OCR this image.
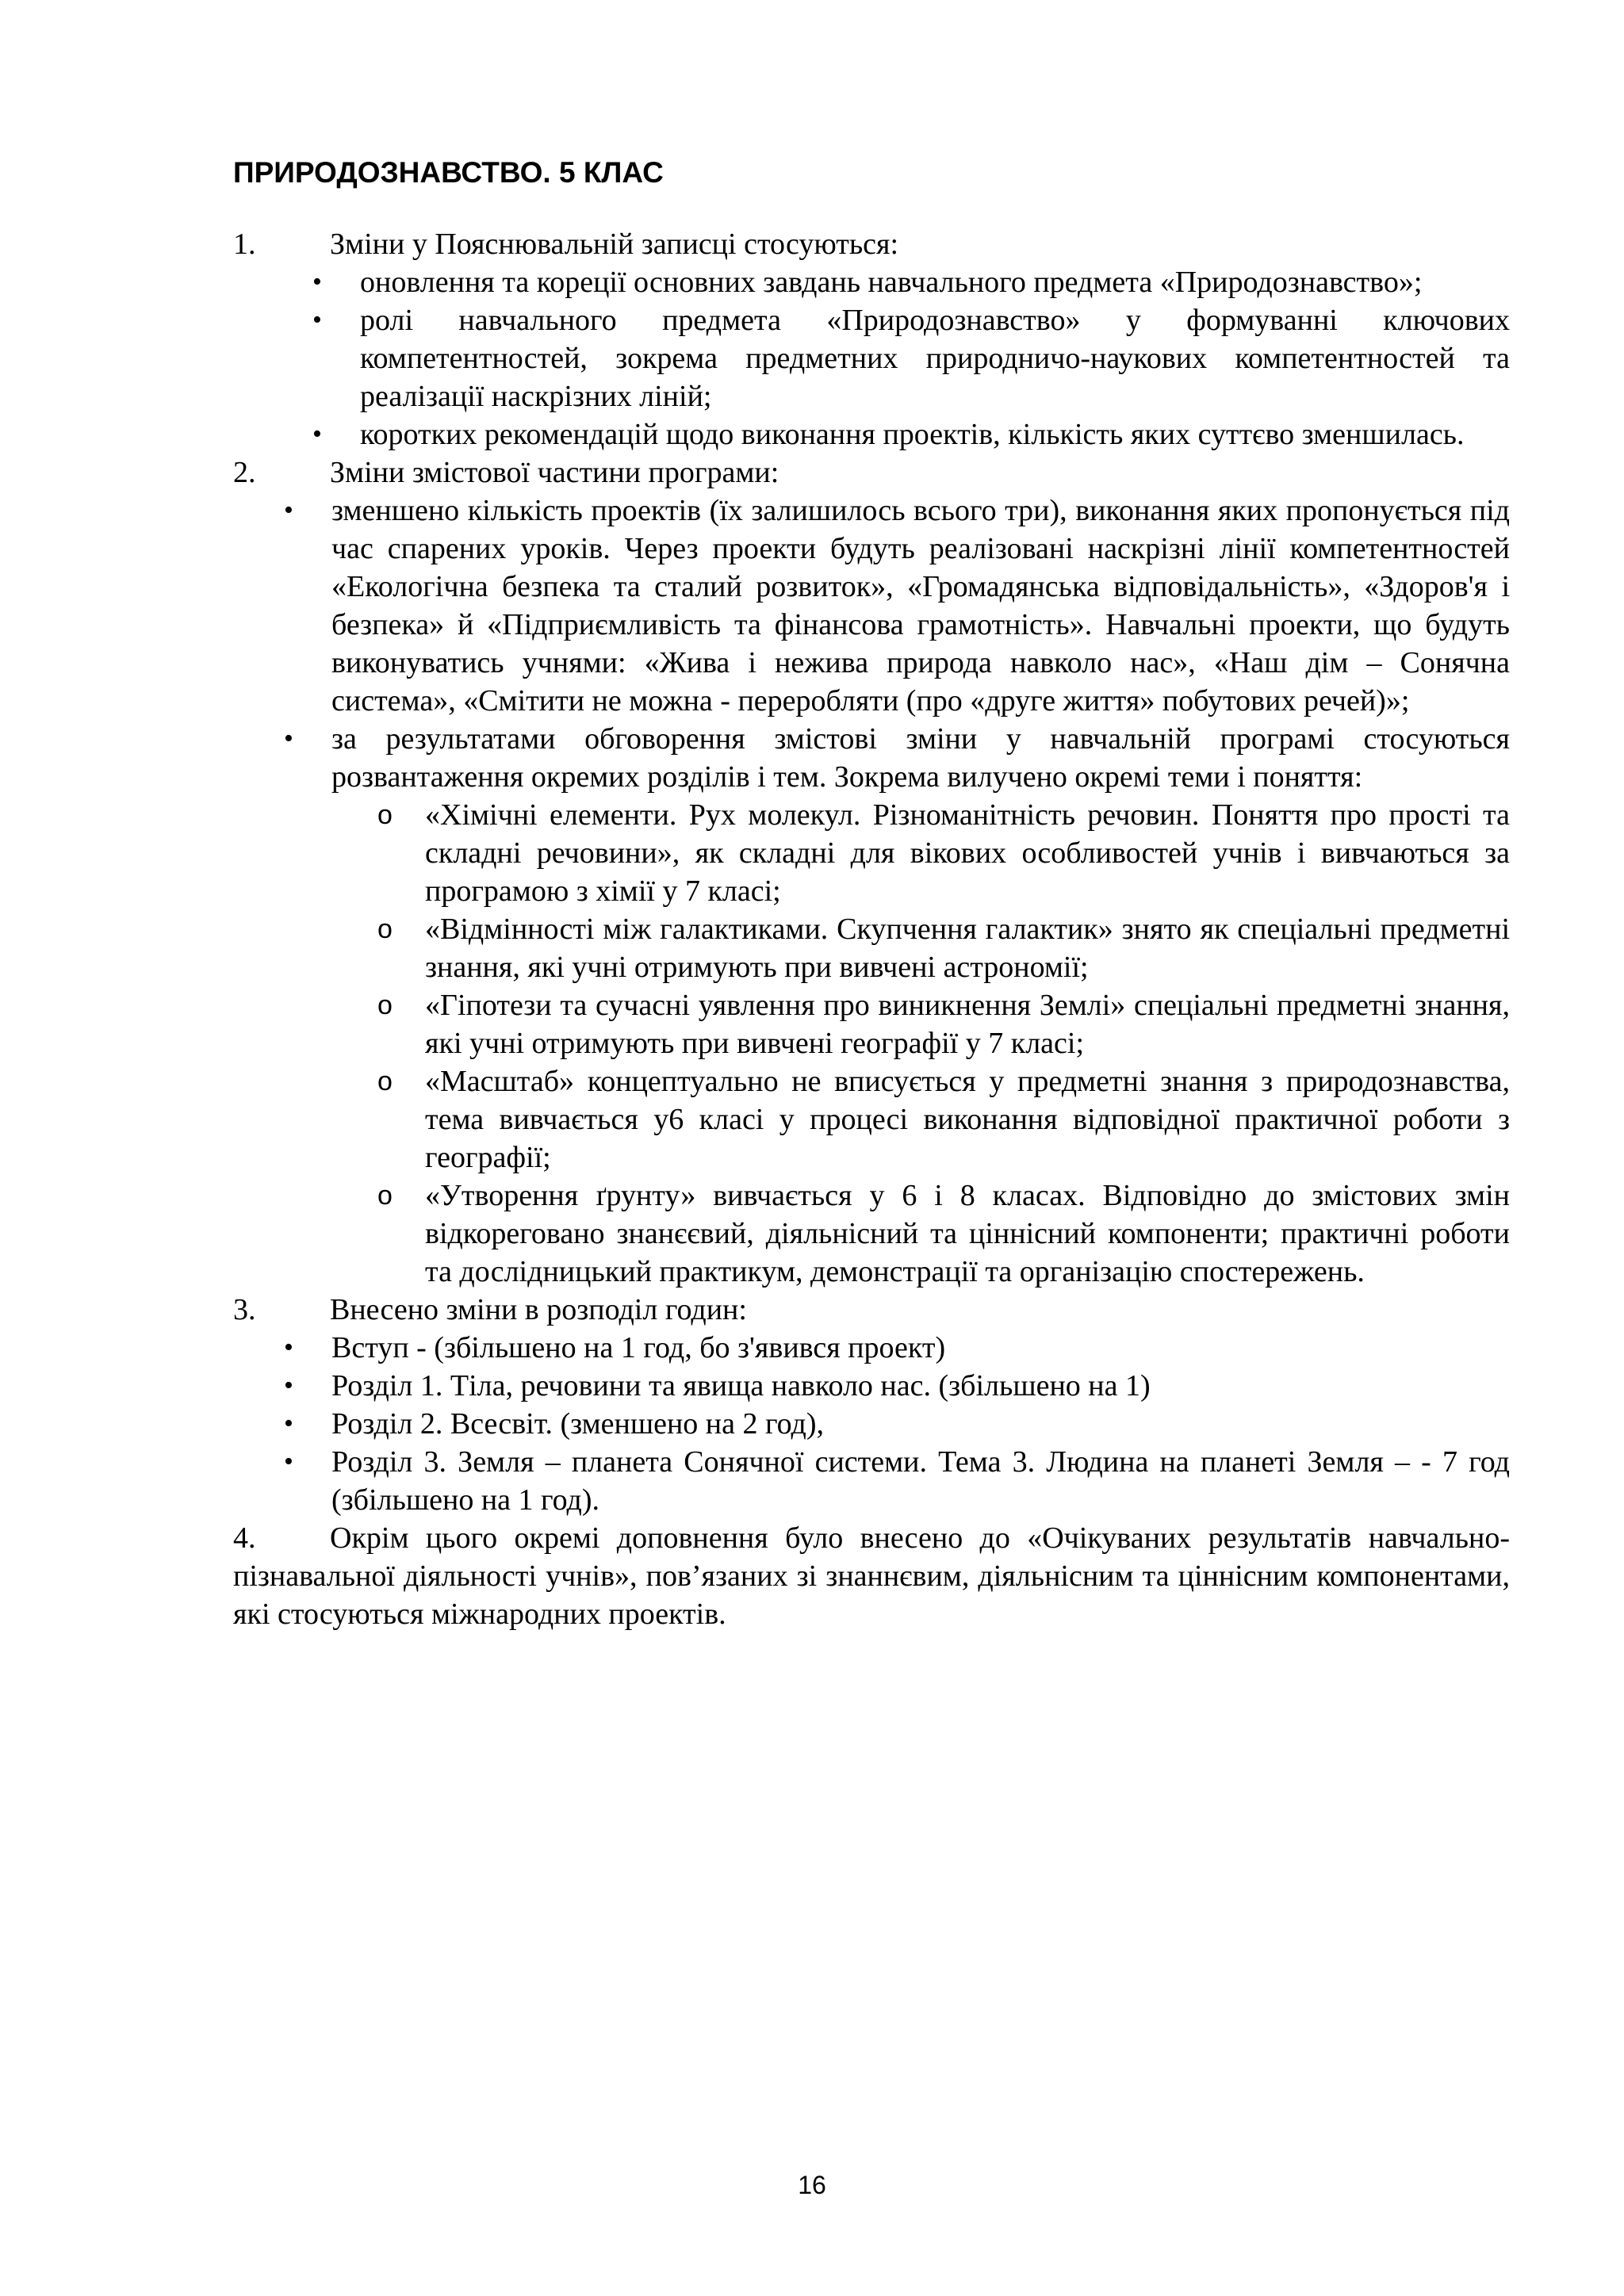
ПРИРОДОЗНАВСТВО. 5 КЛАС
1. Зміни у Пояснювальній записці стосуються:
• оновлення та кореції основних завдань навчального предмета «Природознавство»;
• ролі навчального предмета «Природознавство» у формуванні ключових компетентностей, зокрема предметних природничо-наукових компетентностей та реалізації наскрізних ліній;
• коротких рекомендацій щодо виконання проектів, кількість яких суттєво зменшилась.
2. Зміни змістової частини програми:
• зменшено кількість проектів (їх залишилось всього три), виконання яких пропонується під час спарених уроків. Через проекти будуть реалізовані наскрізні лінії компетентностей «Екологічна безпека та сталий розвиток», «Громадянська відповідальність», «Здоров'я і безпека» й «Підприємливість та фінансова грамотність». Навчальні проекти, що будуть виконуватись учнями: «Жива і нежива природа навколо нас», «Наш дім – Сонячна система», «Смітити не можна - переробляти (про «друге життя» побутових речей)»;
• за результатами обговорення змістові зміни у навчальній програмі стосуються розвантаження окремих розділів і тем. Зокрема вилучено окремі теми і поняття:
o «Хімічні елементи. Рух молекул. Різноманітність речовин. Поняття про прості та складні речовини», як складні для вікових особливостей учнів і вивчаються за програмою з хімії у 7 класі;
o «Відмінності між галактиками. Скупчення галактик» знято як спеціальні предметні знання, які учні отримують при вивчені астрономії;
o «Гіпотези та сучасні уявлення про виникнення Землі» спеціальні предметні знання, які учні отримують при вивчені географії у 7 класі;
o «Масштаб» концептуально не вписується у предметні знання з природознавства, тема вивчається у6 класі у процесі виконання відповідної практичної роботи з географії;
o «Утворення ґрунту» вивчається у 6 і 8 класах. Відповідно до змістових змін відкореговано знанєєвий, діяльнісний та ціннісний компоненти; практичні роботи та дослідницький практикум, демонстрації та організацію спостережень.
3. Внесено зміни в розподіл годин:
• Вступ - (збільшено на 1 год, бо з'явився проект)
• Розділ 1. Тіла, речовини та явища навколо нас. (збільшено на 1)
• Розділ 2. Всесвіт. (зменшено на 2 год),
• Розділ 3. Земля – планета Сонячної системи. Тема 3. Людина на планеті Земля – - 7 год (збільшено на 1 год).
4. Окрім цього окремі доповнення було внесено до «Очікуваних результатів навчально-пізнавальної діяльності учнів», пов’язаних зі знаннєвим, діяльнісним та ціннісним компонентами, які стосуються міжнародних проектів.
16
